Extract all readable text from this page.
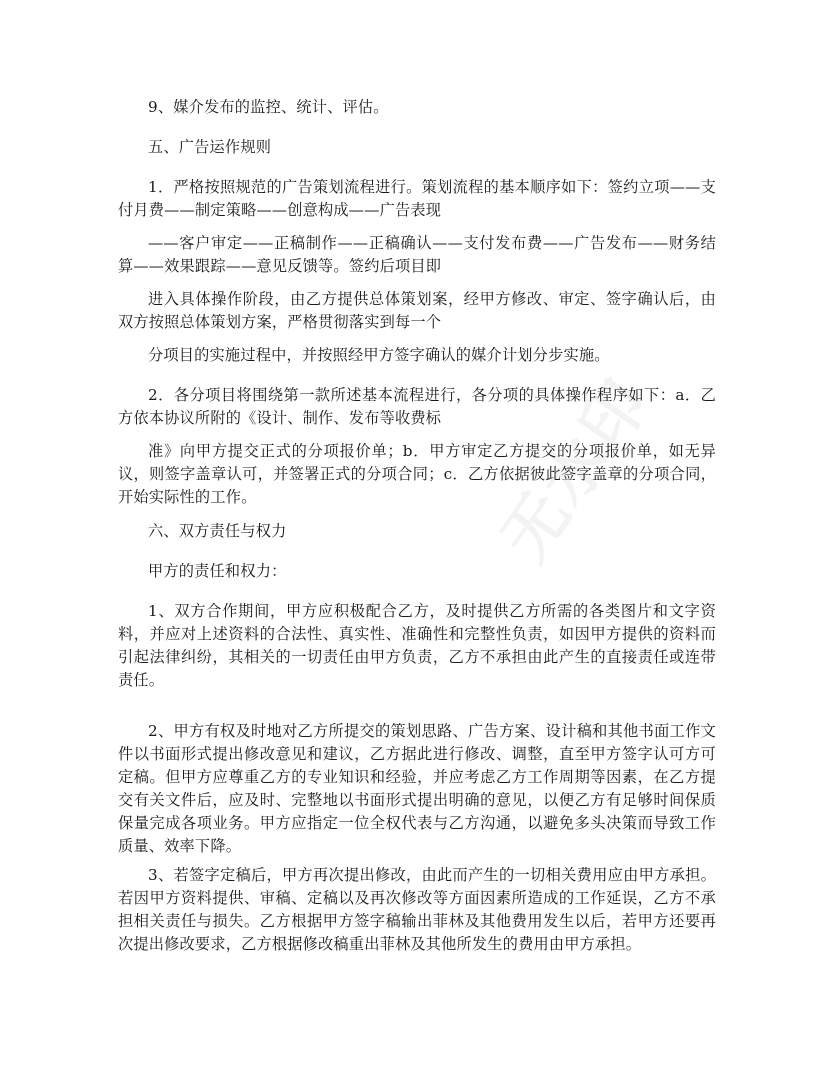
9、媒介发布的监控、统计、评估。

五、广告运作规则

1．严格按照规范的广告策划流程进行。策划流程的基本顺序如下：签约立项——支付月费——制定策略——创意构成——广告表现

——客户审定——正稿制作——正稿确认——支付发布费——广告发布——财务结算——效果跟踪——意见反馈等。签约后项目即

进入具体操作阶段，由乙方提供总体策划案，经甲方修改、审定、签字确认后，由双方按照总体策划方案，严格贯彻落实到每一个

分项目的实施过程中，并按照经甲方签字确认的媒介计划分步实施。

2．各分项目将围绕第一款所述基本流程进行，各分项的具体操作程序如下：a．乙方依本协议所附的《设计、制作、发布等收费标

准》向甲方提交正式的分项报价单；b．甲方审定乙方提交的分项报价单，如无异议，则签字盖章认可，并签署正式的分项合同；c．乙方依据彼此签字盖章的分项合同，开始实际性的工作。

六、双方责任与权力

甲方的责任和权力：

1、双方合作期间，甲方应积极配合乙方，及时提供乙方所需的各类图片和文字资料，并应对上述资料的合法性、真实性、准确性和完整性负责，如因甲方提供的资料而引起法律纠纷，其相关的一切责任由甲方负责，乙方不承担由此产生的直接责任或连带责任。

2、甲方有权及时地对乙方所提交的策划思路、广告方案、设计稿和其他书面工作文件以书面形式提出修改意见和建议，乙方据此进行修改、调整，直至甲方签字认可方可定稿。但甲方应尊重乙方的专业知识和经验，并应考虑乙方工作周期等因素，在乙方提交有关文件后，应及时、完整地以书面形式提出明确的意见，以便乙方有足够时间保质保量完成各项业务。甲方应指定一位全权代表与乙方沟通，以避免多头决策而导致工作质量、效率下降。

3、若签字定稿后，甲方再次提出修改，由此而产生的一切相关费用应由甲方承担。若因甲方资料提供、审稿、定稿以及再次修改等方面因素所造成的工作延误，乙方不承担相关责任与损失。乙方根据甲方签字稿输出菲林及其他费用发生以后，若甲方还要再次提出修改要求，乙方根据修改稿重出菲林及其他所发生的费用由甲方承担。
